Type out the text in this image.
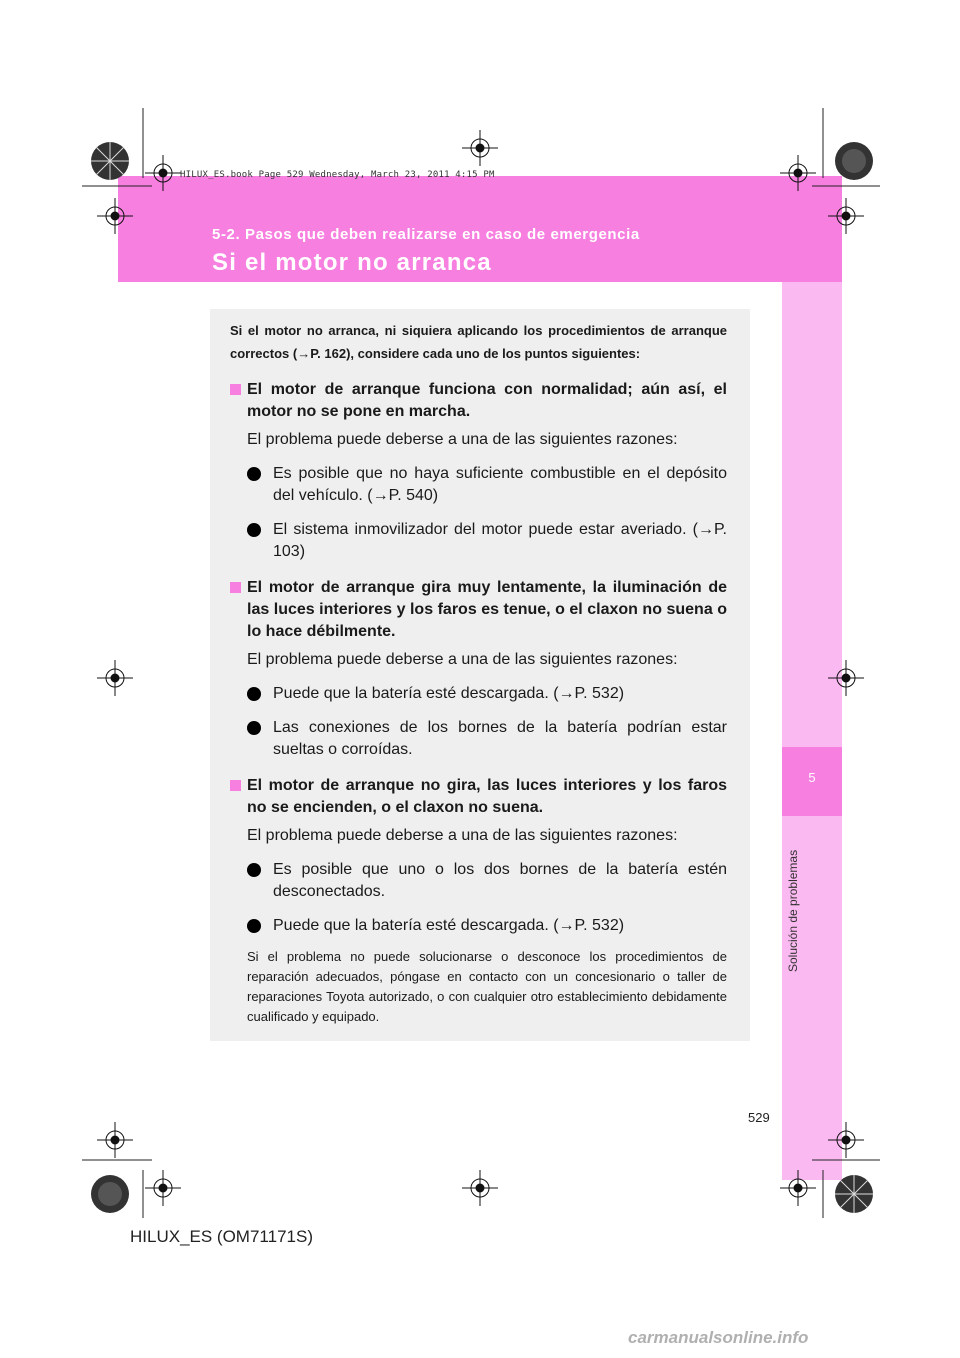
HILUX_ES.book Page 529 Wednesday, March 23, 2011 4:15 PM
5-2. Pasos que deben realizarse en caso de emergencia
Si el motor no arranca
5
Solución de problemas

Si el motor no arranca, ni siquiera aplicando los procedimientos de arranque correctos (→P. 162), considere cada uno de los puntos siguientes:

El motor de arranque funciona con normalidad; aún así, el motor no se pone en marcha.

El problema puede deberse a una de las siguientes razones:

Es posible que no haya suficiente combustible en el depósito del vehículo. (→P. 540)
El sistema inmovilizador del motor puede estar averiado. (→P. 103)

El motor de arranque gira muy lentamente, la iluminación de las luces interiores y los faros es tenue, o el claxon no suena o lo hace débilmente.

El problema puede deberse a una de las siguientes razones:

Puede que la batería esté descargada. (→P. 532)
Las conexiones de los bornes de la batería podrían estar sueltas o corroídas.

El motor de arranque no gira, las luces interiores y los faros no se encienden, o el claxon no suena.

El problema puede deberse a una de las siguientes razones:

Es posible que uno o los dos bornes de la batería estén desconectados.
Puede que la batería esté descargada. (→P. 532)

Si el problema no puede solucionarse o desconoce los procedimientos de reparación adecuados, póngase en contacto con un concesionario o taller de reparaciones Toyota autorizado, o con cualquier otro establecimiento debidamente cualificado y equipado.

529
HILUX_ES (OM71171S)
carmanualsonline.info
